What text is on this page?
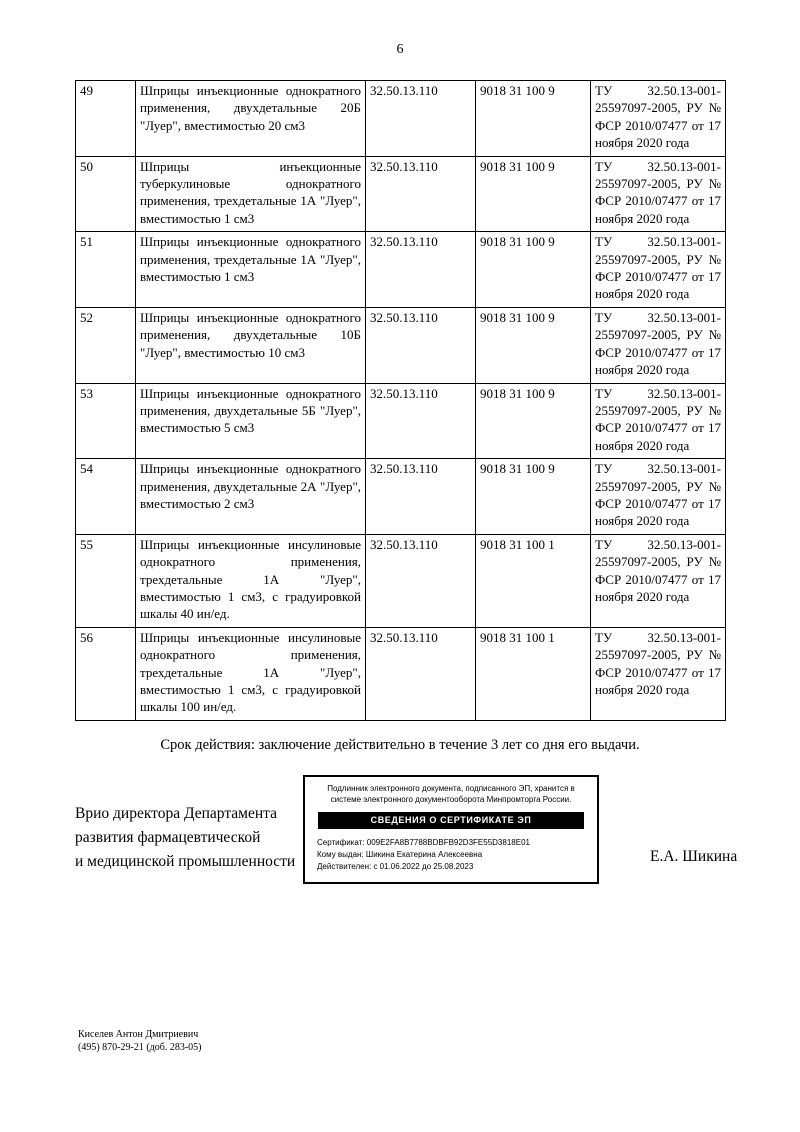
6
49	Шприцы инъекционные однократного применения, двухдетальные 20Б "Луер", вместимостью 20 см3	32.50.13.110	9018 31 100 9	ТУ 32.50.13-001-25597097-2005, РУ № ФСР 2010/07477 от 17 ноября 2020 года
50	Шприцы инъекционные туберкулиновые однократного применения, трехдетальные 1А "Луер", вместимостью 1 см3	32.50.13.110	9018 31 100 9	ТУ 32.50.13-001-25597097-2005, РУ № ФСР 2010/07477 от 17 ноября 2020 года
51	Шприцы инъекционные однократного применения, трехдетальные 1А "Луер", вместимостью 1 см3	32.50.13.110	9018 31 100 9	ТУ 32.50.13-001-25597097-2005, РУ № ФСР 2010/07477 от 17 ноября 2020 года
52	Шприцы инъекционные однократного применения, двухдетальные 10Б "Луер", вместимостью 10 см3	32.50.13.110	9018 31 100 9	ТУ 32.50.13-001-25597097-2005, РУ № ФСР 2010/07477 от 17 ноября 2020 года
53	Шприцы инъекционные однократного применения, двухдетальные 5Б "Луер", вместимостью 5 см3	32.50.13.110	9018 31 100 9	ТУ 32.50.13-001-25597097-2005, РУ № ФСР 2010/07477 от 17 ноября 2020 года
54	Шприцы инъекционные однократного применения, двухдетальные 2А "Луер", вместимостью 2 см3	32.50.13.110	9018 31 100 9	ТУ 32.50.13-001-25597097-2005, РУ № ФСР 2010/07477 от 17 ноября 2020 года
55	Шприцы инъекционные инсулиновые однократного применения, трехдетальные 1А "Луер", вместимостью 1 см3, с градуировкой шкалы 40 ин/ед.	32.50.13.110	9018 31 100 1	ТУ 32.50.13-001-25597097-2005, РУ № ФСР 2010/07477 от 17 ноября 2020 года
56	Шприцы инъекционные инсулиновые однократного применения, трехдетальные 1А "Луер", вместимостью 1 см3, с градуировкой шкалы 100 ин/ед.	32.50.13.110	9018 31 100 1	ТУ 32.50.13-001-25597097-2005, РУ № ФСР 2010/07477 от 17 ноября 2020 года

Срок действия: заключение действительно в течение 3 лет со дня его выдачи.

Врио директора Департамента
развития фармацевтической
и медицинской промышленности
Подлинник электронного документа, подписанного ЭП, хранится в системе электронного документооборота Минпромторга России.
СВЕДЕНИЯ О СЕРТИФИКАТЕ ЭП
Сертификат: 009E2FA8B7788BDBFB92D3FE55D3818E01
Кому выдан: Шикина Екатерина Алексеевна
Действителен: с 01.06.2022 до 25.08.2023
Е.А. Шикина
Киселев Антон Дмитриевич
(495) 870-29-21 (доб. 283-05)
